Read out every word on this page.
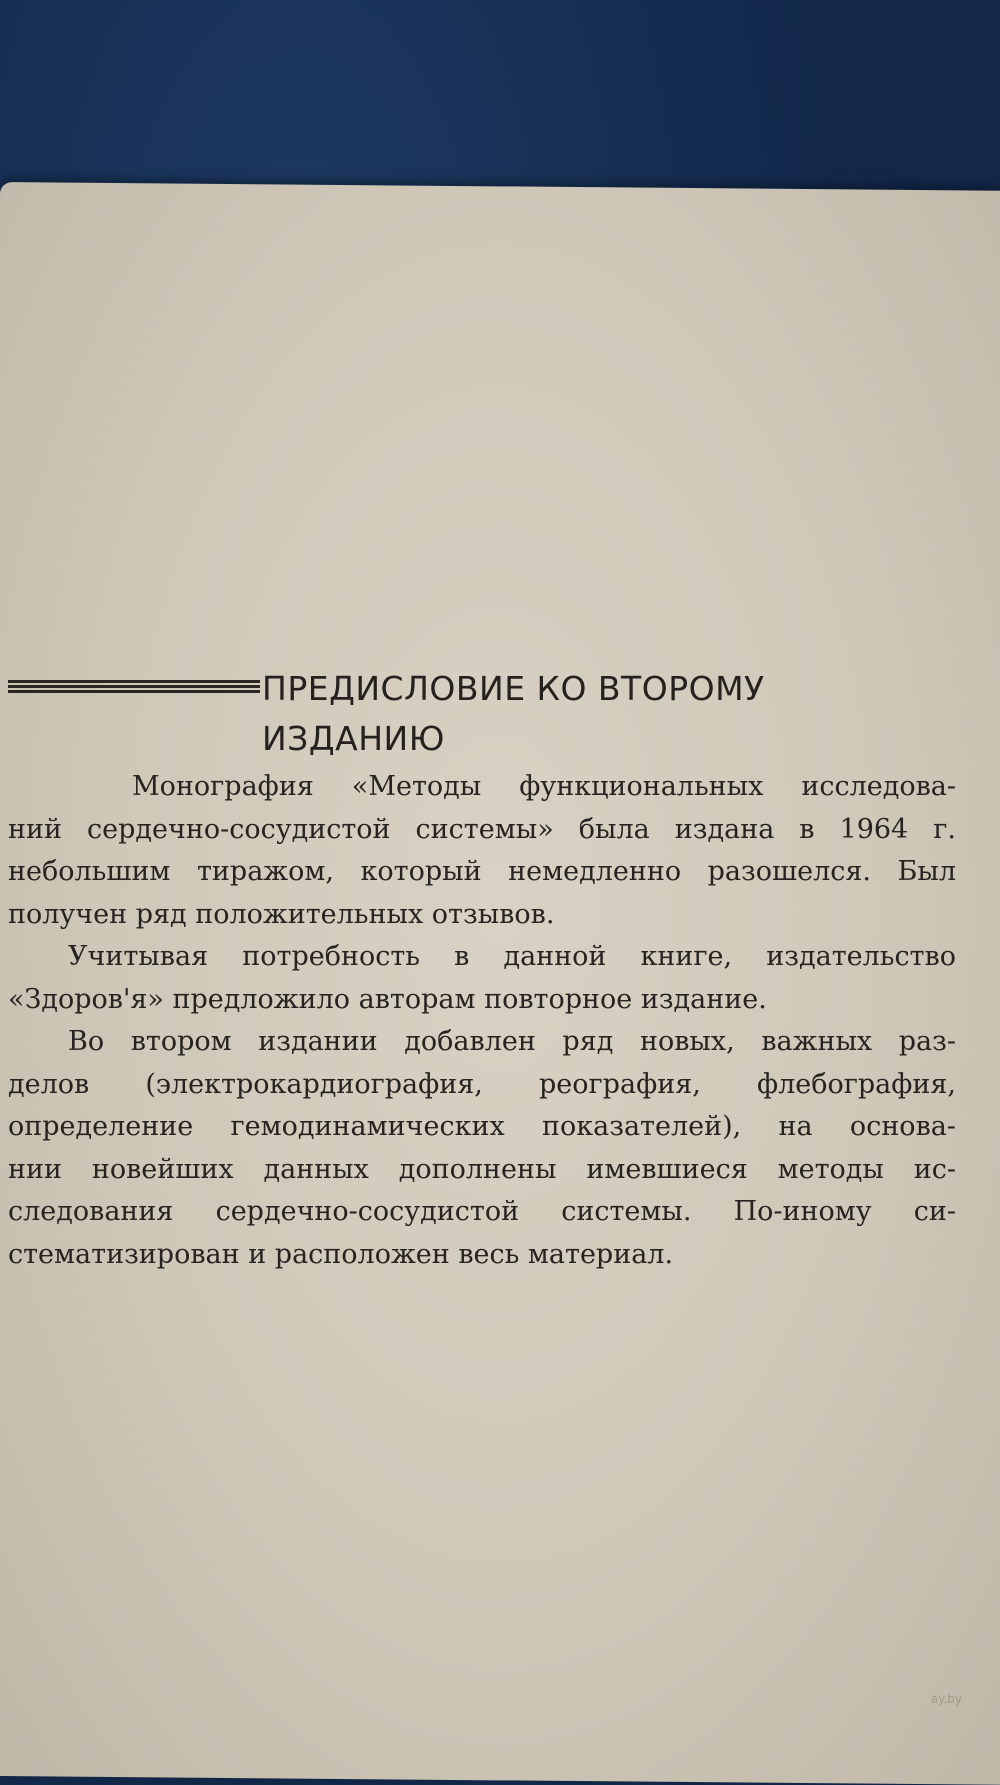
ПРЕДИСЛОВИЕ КО ВТОРОМУ
ИЗДАНИЮ
Монография «Методы функциональных исследова-
ний сердечно-сосудистой системы» была издана в 1964 г.
небольшим тиражом, который немедленно разошелся. Был
получен ряд положительных отзывов.
Учитывая потребность в данной книге, издательство
«Здоров'я» предложило авторам повторное издание.
Во втором издании добавлен ряд новых, важных раз-
делов (электрокардиография, реография, флебография,
определение гемодинамических показателей), на основа-
нии новейших данных дополнены имевшиеся методы ис-
следования сердечно-сосудистой системы. По-иному си-
стематизирован и расположен весь материал.
ay.by
